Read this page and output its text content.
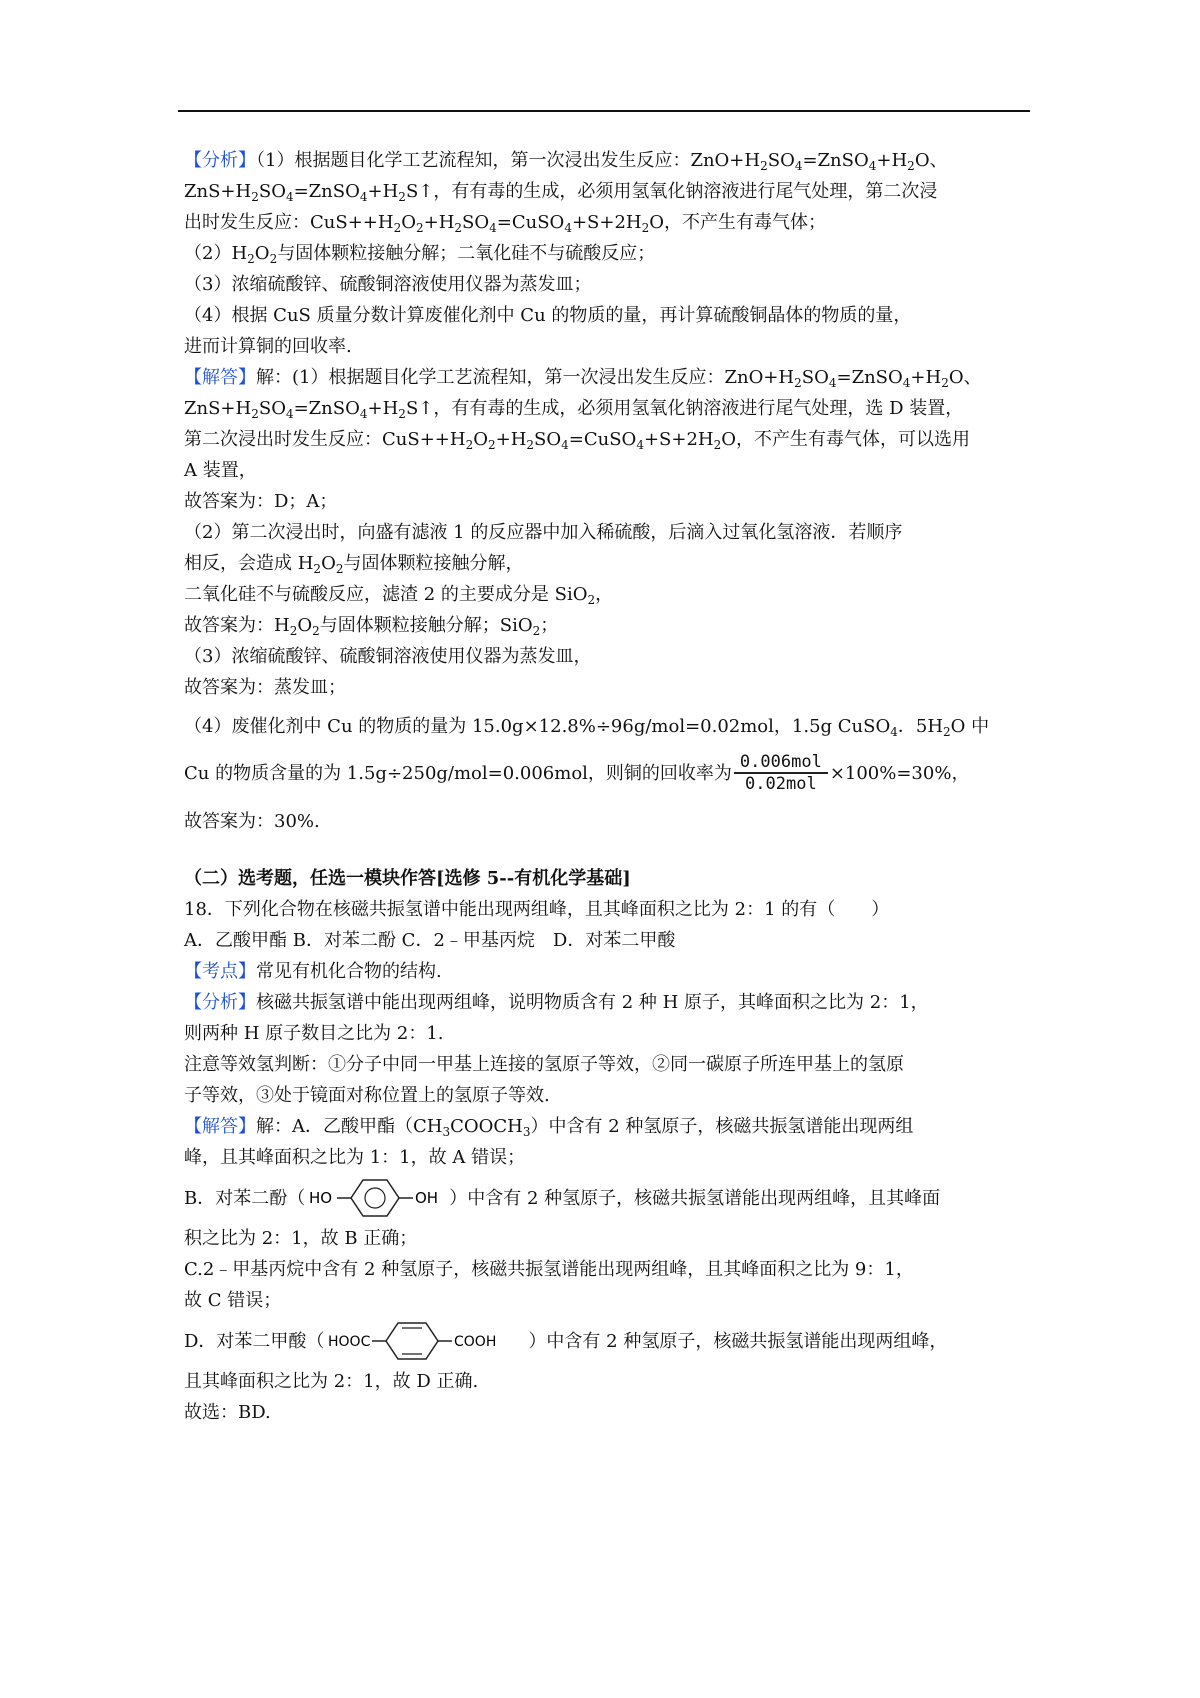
【分析】（1）根据题目化学工艺流程知，第一次浸出发生反应：$ZnO+H_2SO_4=ZnSO_4+H_2O$、
$ZnS+H_2SO_4=ZnSO_4+H_2S↑$，有有毒的生成，必须用氢氧化钠溶液进行尾气处理，第二次浸
出时发生反应：$CuS++H_2O_2+H_2SO_4=CuSO_4+S+2H_2O$，不产生有毒气体；
$(2)H_2O_2$与固体颗粒接触分解；二氧化硅不与硫酸反应；
（3）浓缩硫酸锌、硫酸铜溶液使用仪器为蒸发皿；
（4）根据 CuS 质量分数计算废催化剂中 Cu 的物质的量，再计算硫酸铜晶体的物质的量，
进而计算铜的回收率.
【解答】解：(1）根据题目化学工艺流程知，第一次浸出发生反应：$ZnO+H_2SO_4=ZnSO_4+H_2O$、
$ZnS+H_2SO_4=ZnSO_4+H_2S↑$，有有毒的生成，必须用氢氧化钠溶液进行尾气处理，选 D 装置，
第二次浸出时发生反应：$CuS++H_2O_2+H_2SO_4=CuSO_4+S+2H_2O$，不产生有毒气体，可以选用
A 装置，
故答案为：D；A；
（2）第二次浸出时，向盛有滤液 1 的反应器中加入稀硫酸，后滴入过氧化氢溶液．若顺序
相反，会造成 $H_2O_2$与固体颗粒接触分解，
二氧化硅不与硫酸反应，滤渣 2 的主要成分是 SiO$_2$，
故答案为：$H_2O_2$与固体颗粒接触分解；SiO$_2$；
（3）浓缩硫酸锌、硫酸铜溶液使用仪器为蒸发皿，
故答案为：蒸发皿；
（4）废催化剂中 Cu 的物质的量为 15.0g×12.8%÷96g/mol=0.02mol，1.5g CuSO$_4$．$5H_2O$ 中
Cu 的物质含量的为 1.5g÷250g/mol=0.006mol，则铜的回收率为 $\frac{\text{0.006mol}}{\text{0.02mol}} \times 100\%=30\%$，
故答案为：30%.
（二）选考题，任选一模块作答[选修 5--有机化学基础]
18．下列化合物在核磁共振氢谱中能出现两组峰，且其峰面积之比为 2：1 的有（　　）
A．乙酸甲酯 B．对苯二酚 C．2﹣甲基丙烷　D．对苯二甲酸
【考点】常见有机化合物的结构.
【分析】核磁共振氢谱中能出现两组峰，说明物质含有 2 种 H 原子，其峰面积之比为 2：1，
则两种 H 原子数目之比为 2：1.
注意等效氢判断：①分子中同一甲基上连接的氢原子等效，②同一碳原子所连甲基上的氢原
子等效，③处于镜面对称位置上的氢原子等效.
【解答】解：A．乙酸甲酯$(CH_3COOCH_3)$中含有 2 种氢原子，核磁共振氢谱能出现两组
峰，且其峰面积之比为 1：1，故 A 错误；
B．对苯二酚（ HO	OH ）中含有 2 种氢原子，核磁共振氢谱能出现两组峰，且其峰面
积之比为 2：1，故 B 正确；
C.2﹣甲基丙烷中含有 2 种氢原子，核磁共振氢谱能出现两组峰，且其峰面积之比为 9：1，
故 C 错误；
D．对苯二甲酸（ HOOC	COOH ）中含有 2 种氢原子，核磁共振氢谱能出现两组峰，
且其峰面积之比为 2：1，故 D 正确.
故选：BD.
